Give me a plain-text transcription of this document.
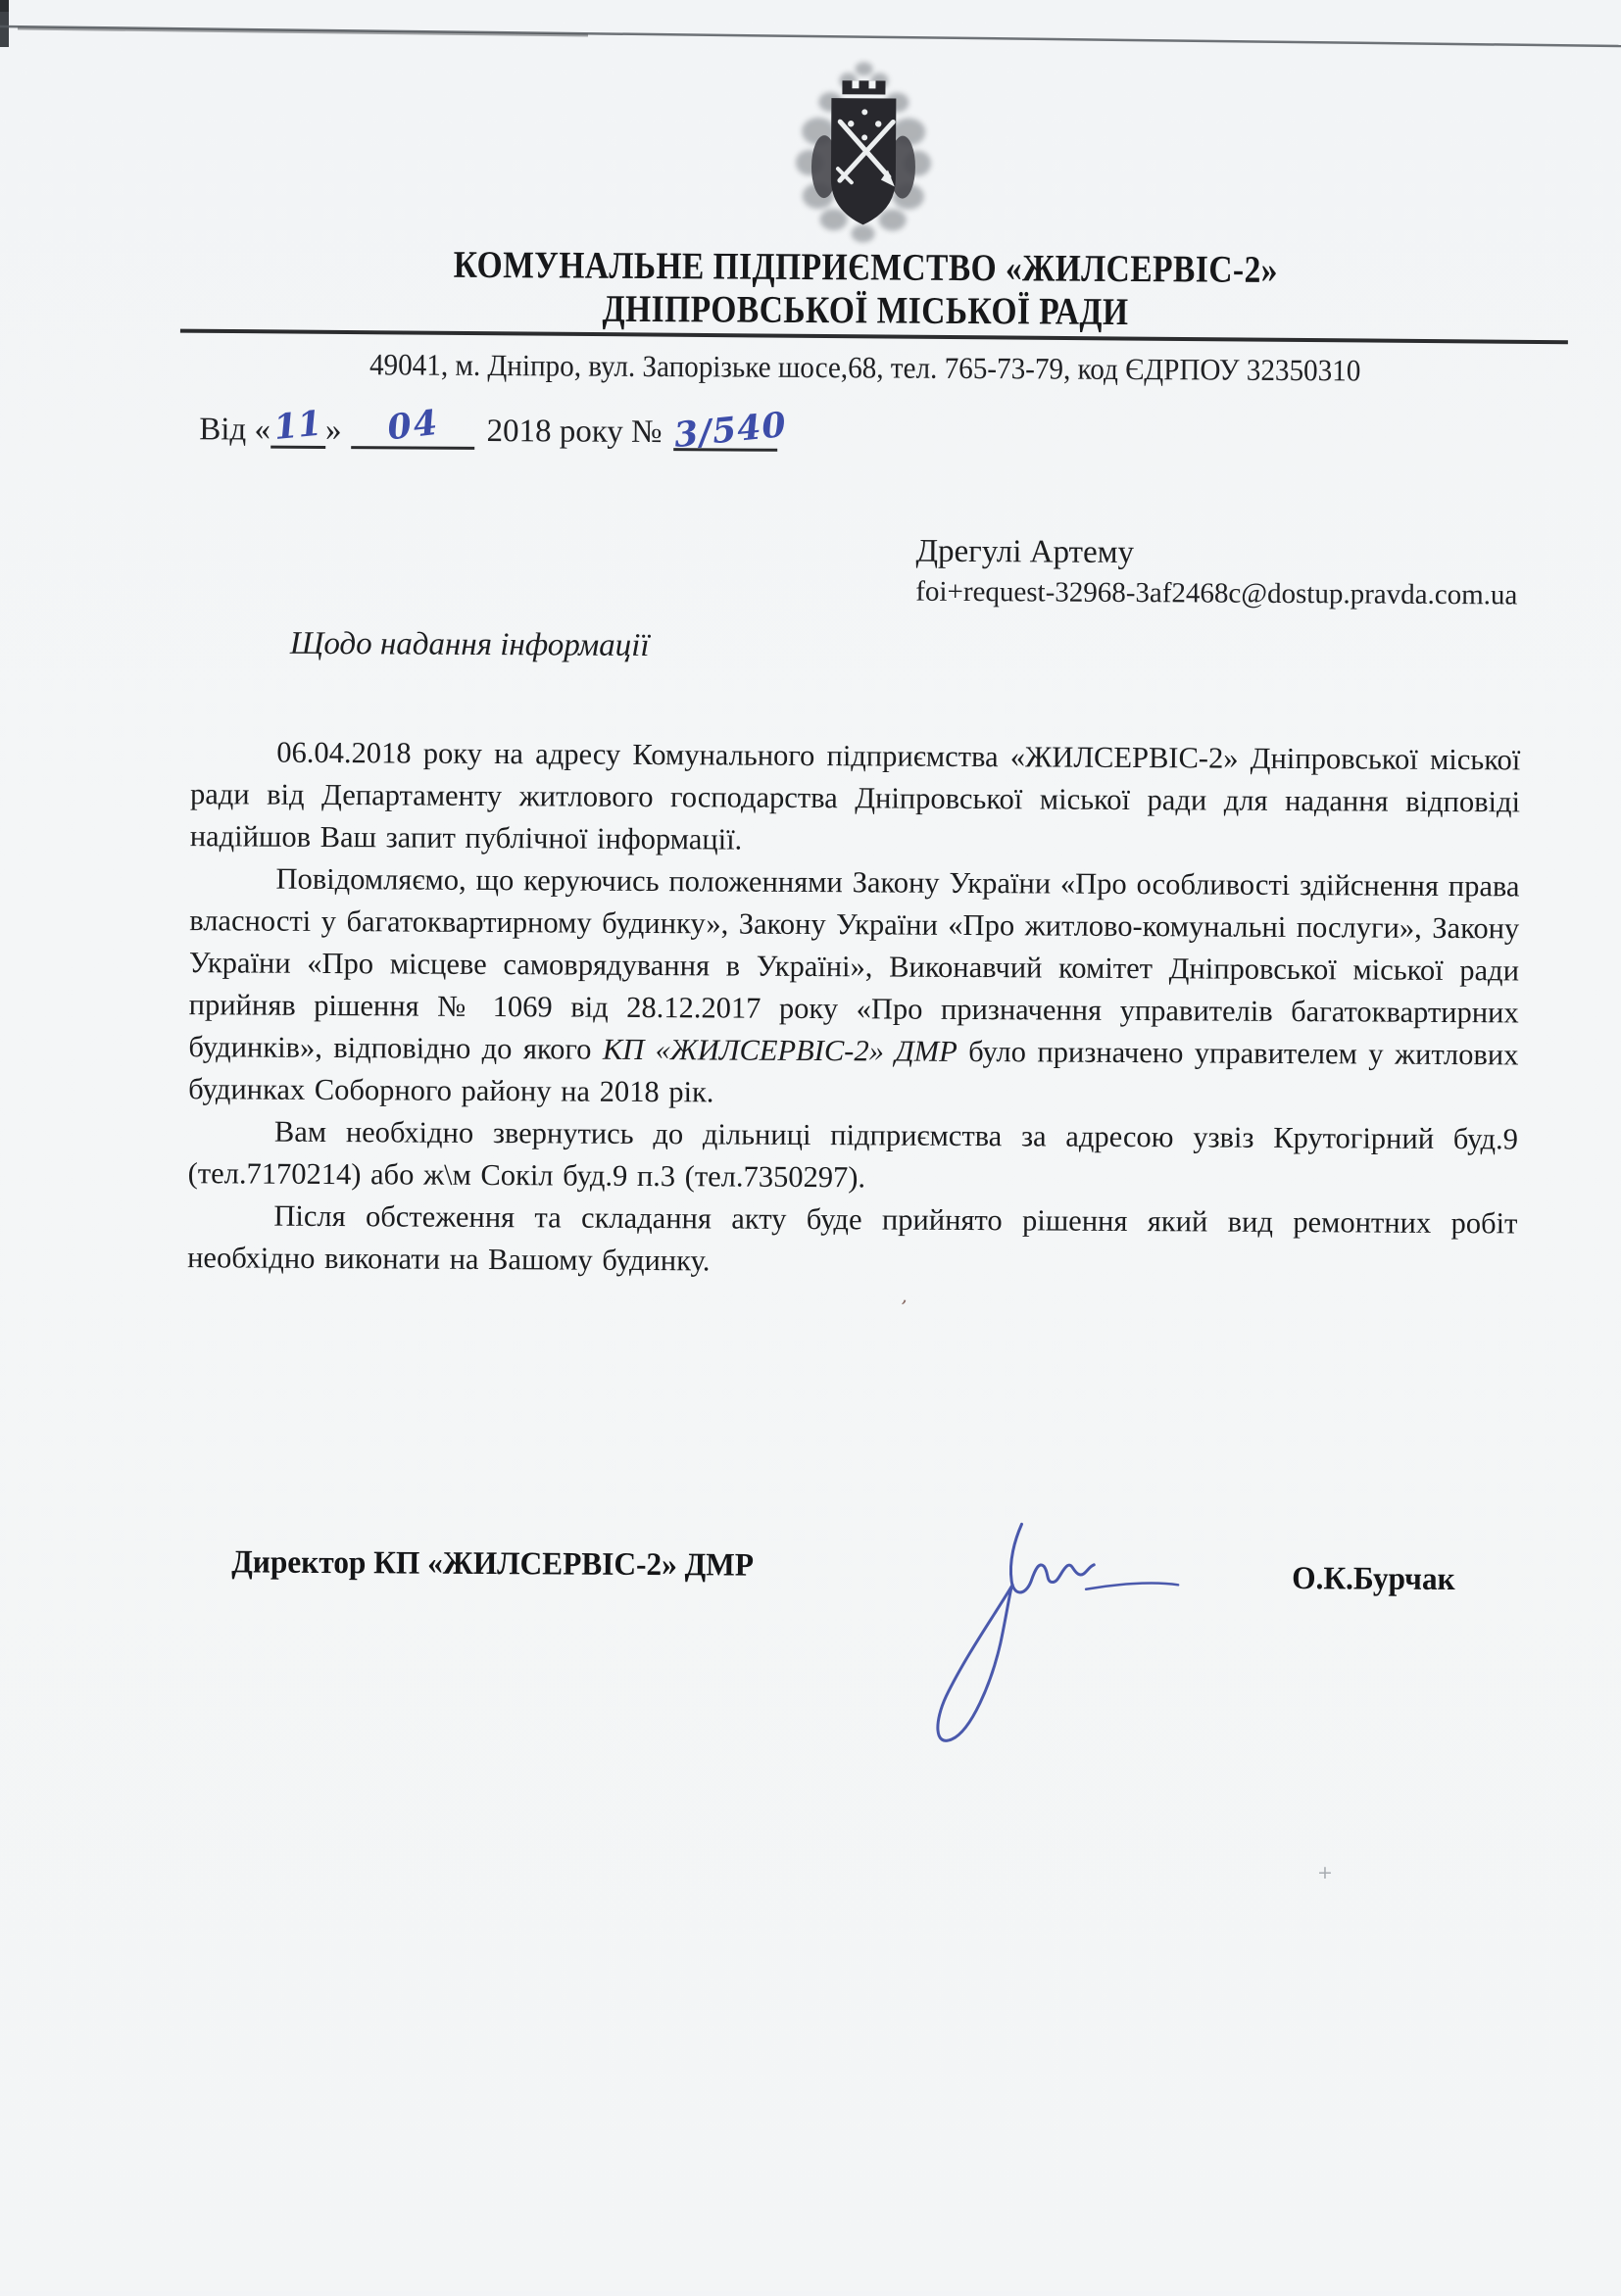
КОМУНАЛЬНЕ ПІДПРИЄМСТВО «ЖИЛСЕРВІС-2»
ДНІПРОВСЬКОЇ МІСЬКОЇ РАДИ
49041, м. Дніпро, вул. Запорізьке шосе,68, тел. 765-73-79, код ЄДРПОУ 32350310
Від «11» 04 2018 року № 3/540
Дрегулі Артему
foi+request-32968-3af2468c@dostup.pravda.com.ua
Щодо надання інформації

06.04.2018 року на адресу Комунального підприємства «ЖИЛСЕРВІС-2» Дніпровської міської ради від Департаменту житлового господарства Дніпровської міської ради для надання відповіді надійшов Ваш запит публічної інформації.

Повідомляємо, що керуючись положеннями Закону України «Про особливості здійснення права власності у багатоквартирному будинку», Закону України «Про житлово-комунальні послуги», Закону України «Про місцеве самоврядування в Україні», Виконавчий комітет Дніпровської міської ради прийняв рішення № 1069 від 28.12.2017 року «Про призначення управителів багатоквартирних будинків», відповідно до якого КП «ЖИЛСЕРВІС-2» ДМР було призначено управителем у житлових будинках Соборного району на 2018 рік.

Вам необхідно звернутись до дільниці підприємства за адресою узвіз Крутогірний буд.9 (тел.7170214) або ж\м Сокіл буд.9 п.3 (тел.7350297).

Після обстеження та складання акту буде прийнято рішення який вид ремонтних робіт необхідно виконати на Вашому будинку.

Директор КП «ЖИЛСЕРВІС-2» ДМР	О.К.Бурчак
+
’
